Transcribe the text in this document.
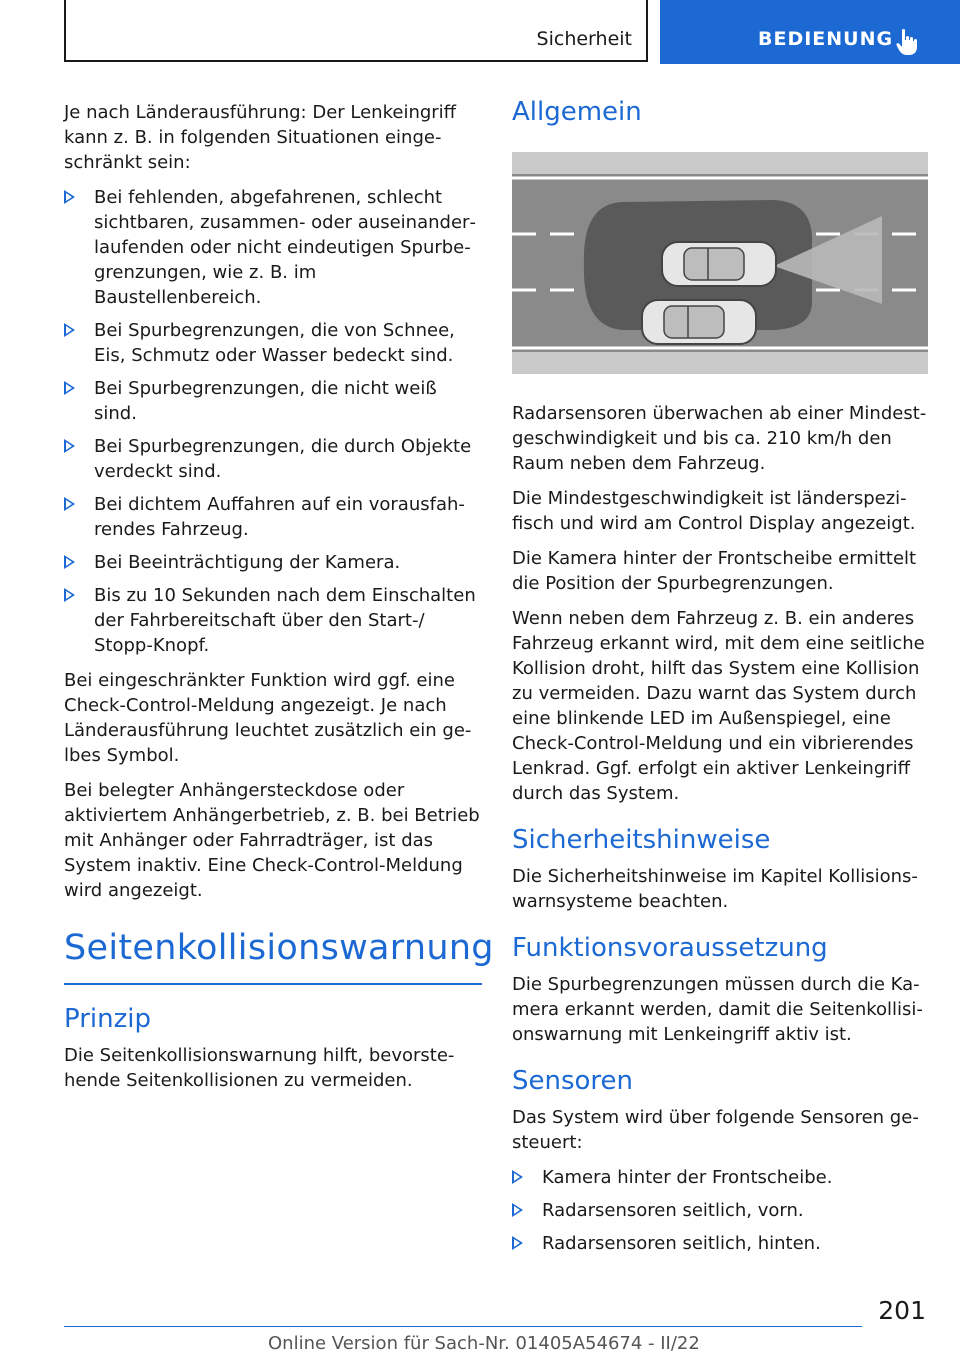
Sicherheit	BEDIENUNG

Je nach Länderausführung: Der Lenkeingriff kann z. B. in folgenden Situationen eingeschränkt sein:

Bei fehlenden, abgefahrenen, schlecht sichtbaren, zusammen- oder auseinanderlaufenden oder nicht eindeutigen Spurbegrenzungen, wie z. B. im Baustellenbereich.
Bei Spurbegrenzungen, die von Schnee, Eis, Schmutz oder Wasser bedeckt sind.
Bei Spurbegrenzungen, die nicht weiß sind.
Bei Spurbegrenzungen, die durch Objekte verdeckt sind.
Bei dichtem Auffahren auf ein vorausfahrendes Fahrzeug.
Bei Beeinträchtigung der Kamera.
Bis zu 10 Sekunden nach dem Einschalten der Fahrbereitschaft über den Start-/ Stopp-Knopf.

Bei eingeschränkter Funktion wird ggf. eine Check-Control-Meldung angezeigt. Je nach Länderausführung leuchtet zusätzlich ein gelbes Symbol.

Bei belegter Anhängersteckdose oder aktiviertem Anhängerbetrieb, z. B. bei Betrieb mit Anhänger oder Fahrradträger, ist das System inaktiv. Eine Check-Control-Meldung wird angezeigt.

Seitenkollisionswarnung
Prinzip

Die Seitenkollisionswarnung hilft, bevorstehende Seitenkollisionen zu vermeiden.

Allgemein

Radarsensoren überwachen ab einer Mindestgeschwindigkeit und bis ca. 210 km/h den Raum neben dem Fahrzeug.

Die Mindestgeschwindigkeit ist länderspezifisch und wird am Control Display angezeigt.

Die Kamera hinter der Frontscheibe ermittelt die Position der Spurbegrenzungen.

Wenn neben dem Fahrzeug z. B. ein anderes Fahrzeug erkannt wird, mit dem eine seitliche Kollision droht, hilft das System eine Kollision zu vermeiden. Dazu warnt das System durch eine blinkende LED im Außenspiegel, eine Check-Control-Meldung und ein vibrierendes Lenkrad. Ggf. erfolgt ein aktiver Lenkeingriff durch das System.

Sicherheitshinweise

Die Sicherheitshinweise im Kapitel Kollisionswarnsysteme beachten.

Funktionsvoraussetzung

Die Spurbegrenzungen müssen durch die Kamera erkannt werden, damit die Seitenkollisionswarnung mit Lenkeingriff aktiv ist.

Sensoren

Das System wird über folgende Sensoren gesteuert:

Kamera hinter der Frontscheibe.
Radarsensoren seitlich, vorn.
Radarsensoren seitlich, hinten.
201
Online Version für Sach-Nr. 01405A54674 - II/22
